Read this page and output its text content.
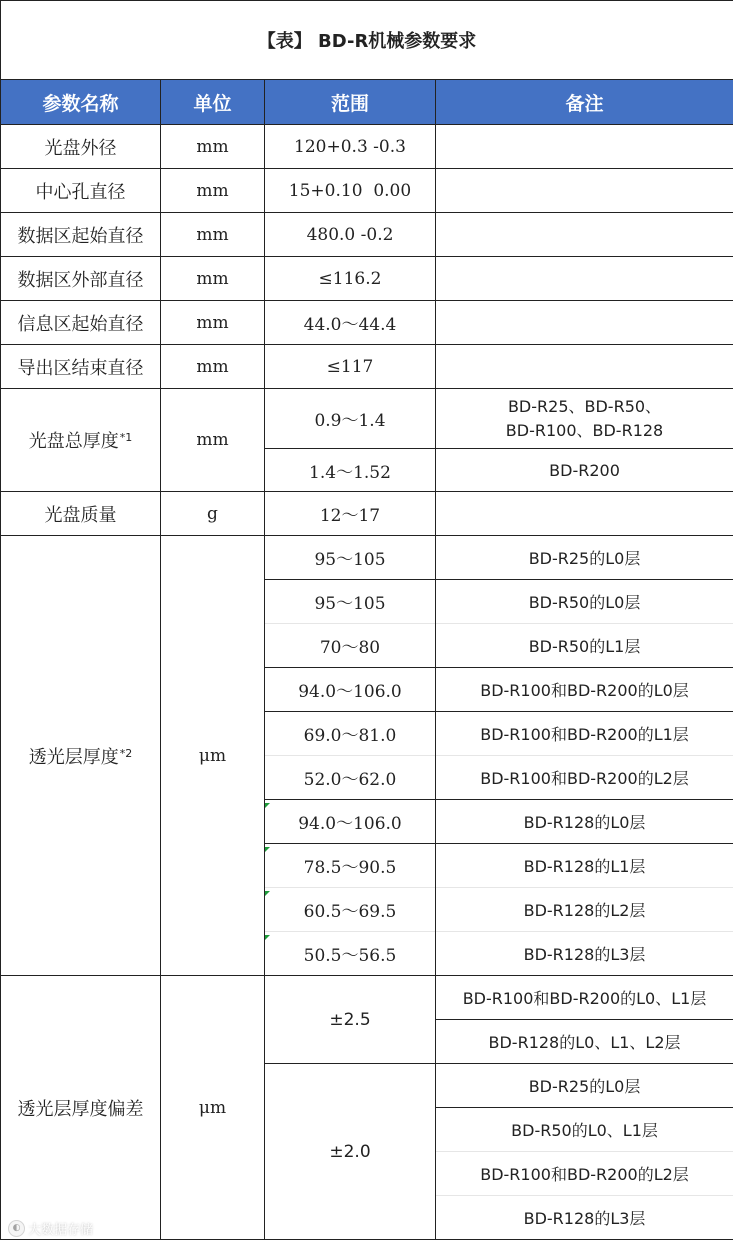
【表】 BD-R机械参数要求			
参数名称	单位	范围	备注
光盘外径	mm	120+0.3 -0.3	
中心孔直径	mm	15+0.10  0.00	
数据区起始直径	mm	480.0 -0.2	
数据区外部直径	mm	≤116.2	
信息区起始直径	mm	44.0～44.4	
导出区结束直径	mm	≤117	
光盘总厚度$^{*1}$	mm	0.9～1.4	BD-R25、BD-R50、
BD-R100、BD-R128
		1.4～1.52	BD-R200
光盘质量	g	12～17	
透光层厚度$^{*2}$	μm	95～105	BD-R25的L0层
		95～105	BD-R50的L0层
		70～80	BD-R50的L1层
		94.0～106.0	BD-R100和BD-R200的L0层
		69.0～81.0	BD-R100和BD-R200的L1层
		52.0～62.0	BD-R100和BD-R200的L2层
		94.0～106.0	BD-R128的L0层
		78.5～90.5	BD-R128的L1层
		60.5～69.5	BD-R128的L2层
		50.5～56.5	BD-R128的L3层
透光层厚度偏差	μm	±2.5	BD-R100和BD-R200的L0、L1层
			BD-R128的L0、L1、L2层
		±2.0	BD-R25的L0层
			BD-R50的L0、L1层
			BD-R100和BD-R200的L2层
			BD-R128的L3层
◐ 大数据存储
